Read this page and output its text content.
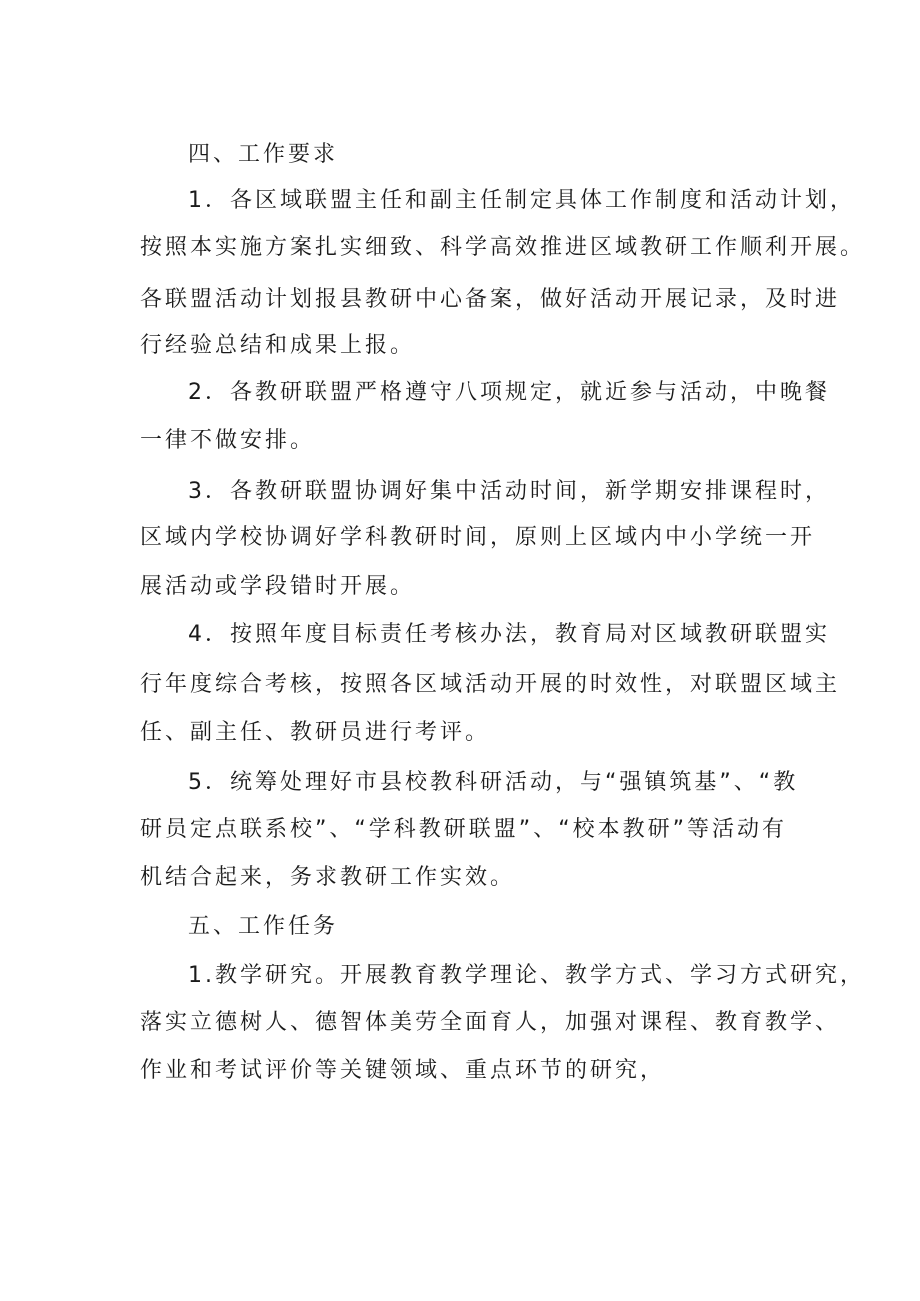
四、工作要求
1．各区域联盟主任和副主任制定具体工作制度和活动计划，
按照本实施方案扎实细致、科学高效推进区域教研工作顺利开展。
各联盟活动计划报县教研中心备案，做好活动开展记录，及时进
行经验总结和成果上报。
2．各教研联盟严格遵守八项规定，就近参与活动，中晚餐
一律不做安排。
3．各教研联盟协调好集中活动时间，新学期安排课程时，
区域内学校协调好学科教研时间，原则上区域内中小学统一开
展活动或学段错时开展。
4．按照年度目标责任考核办法，教育局对区域教研联盟实
行年度综合考核，按照各区域活动开展的时效性，对联盟区域主
任、副主任、教研员进行考评。
5．统筹处理好市县校教科研活动，与“强镇筑基”、“教
研员定点联系校”、“学科教研联盟”、“校本教研”等活动有
机结合起来，务求教研工作实效。
五、工作任务
1.教学研究。开展教育教学理论、教学方式、学习方式研究，
落实立德树人、德智体美劳全面育人，加强对课程、教育教学、
作业和考试评价等关键领域、重点环节的研究，
